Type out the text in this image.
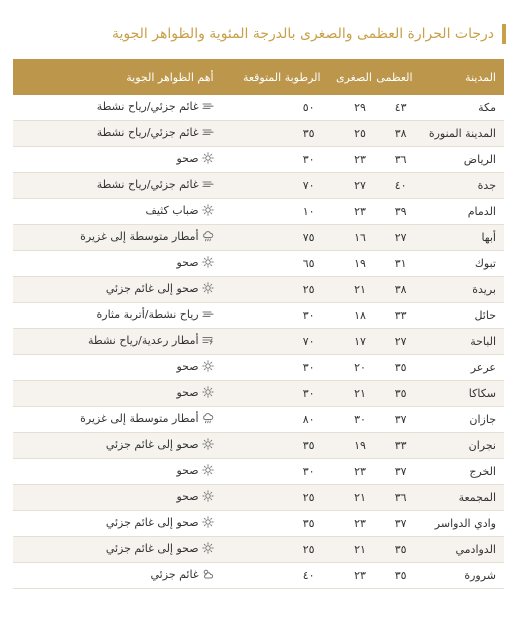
درجات الحرارة العظمى والصغرى بالدرجة المئوية والظواهر الجوية
المدينة	العظمى	الصغرى	الرطوبة المتوقعة	أهم الظواهر الجوية
مكة	٤٣	٢٩	٥٠	غائم جزئي/رياح نشطة

المدينة المنورة	٣٨	٢٥	٣٥	غائم جزئي/رياح نشطة

الرياض	٣٦	٢٣	٣٠	صحو

جدة	٤٠	٢٧	٧٠	غائم جزئي/رياح نشطة

الدمام	٣٩	٢٣	١٠	ضباب كثيف

أبها	٢٧	١٦	٧٥	أمطار متوسطة إلى غزيرة

تبوك	٣١	١٩	٦٥	صحو

بريدة	٣٨	٢١	٢٥	صحو إلى غائم جزئي

حائل	٣٣	١٨	٣٠	رياح نشطة/أتربة مثارة

الباحة	٢٧	١٧	٧٠	أمطار رعدية/رياح نشطة

عرعر	٣٥	٢٠	٣٠	صحو

سكاكا	٣٥	٢١	٣٠	صحو

جازان	٣٧	٣٠	٨٠	أمطار متوسطة إلى غزيرة

نجران	٣٣	١٩	٣٥	صحو إلى غائم جزئي

الخرج	٣٧	٢٣	٣٠	صحو

المجمعة	٣٦	٢١	٢٥	صحو

وادي الدواسر	٣٧	٢٣	٣٥	صحو إلى غائم جزئي

الدوادمي	٣٥	٢١	٢٥	صحو إلى غائم جزئي

شرورة	٣٥	٢٣	٤٠	غائم جزئي
